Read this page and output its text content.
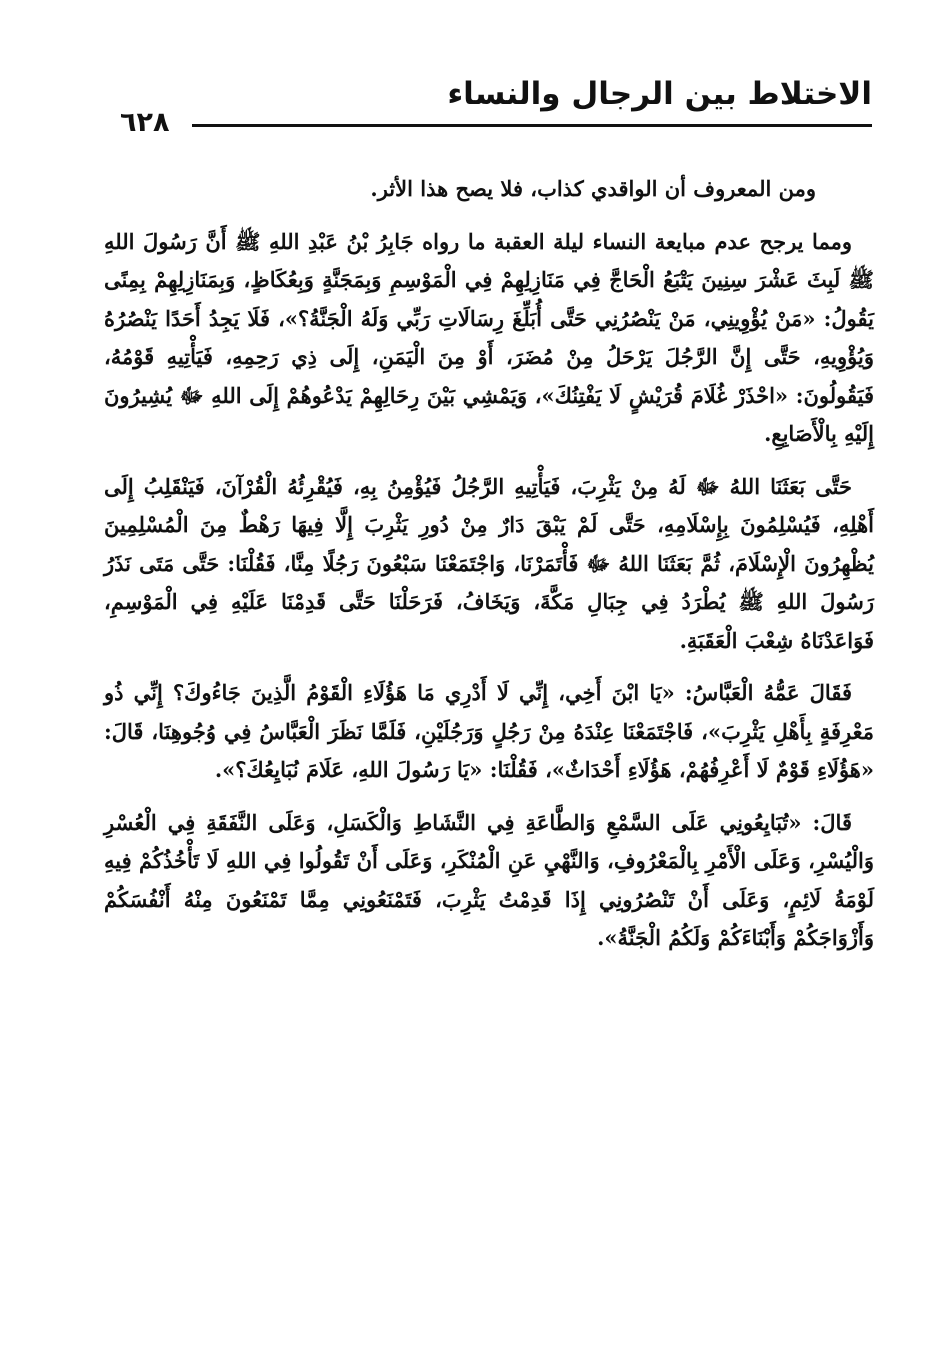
٦٢٨
الاختلاط بين الرجال والنساء

ومن المعروف أن الواقدي كذاب، فلا يصح هذا الأثر.

ومما يرجح عدم مبايعة النساء ليلة العقبة ما رواه جَابِرُ بْنُ عَبْدِ اللهِ ﷺ أَنَّ رَسُولَ اللهِ ﷺ لَبِثَ عَشْرَ سِنِينَ يَتْبَعُ الْحَاجَّ فِي مَنَازِلِهِمْ فِي الْمَوْسِمِ وَبِمَجَنَّةٍ وَبِعُكَاظٍ، وَبِمَنَازِلِهِمْ بِمِنًى يَقُولُ: «مَنْ يُؤْوِينِي، مَنْ يَنْصُرُنِي حَتَّى أُبَلِّغَ رِسَالَاتِ رَبِّي وَلَهُ الْجَنَّةُ؟»، فَلَا يَجِدُ أَحَدًا يَنْصُرُهُ وَيُؤْوِيهِ، حَتَّى إِنَّ الرَّجُلَ يَرْحَلُ مِنْ مُضَرَ، أَوْ مِنَ الْيَمَنِ، إِلَى ذِي رَحِمِهِ، فَيَأْتِيهِ قَوْمُهُ، فَيَقُولُونَ: «احْذَرْ غُلَامَ قُرَيْشٍ لَا يَفْتِنُكَ»، وَيَمْشِي بَيْنَ رِحَالِهِمْ يَدْعُوهُمْ إِلَى اللهِ ﷻ يُشِيرُونَ إِلَيْهِ بِالْأَصَابِعِ.

حَتَّى بَعَثَنَا اللهُ ﷻ لَهُ مِنْ يَثْرِبَ، فَيَأْتِيهِ الرَّجُلُ فَيُؤْمِنُ بِهِ، فَيُقْرِئُهُ الْقُرْآنَ، فَيَنْقَلِبُ إِلَى أَهْلِهِ، فَيُسْلِمُونَ بِإِسْلَامِهِ، حَتَّى لَمْ يَبْقَ دَارٌ مِنْ دُورِ يَثْرِبَ إِلَّا فِيهَا رَهْطٌ مِنَ الْمُسْلِمِينَ يُظْهِرُونَ الْإِسْلَامَ، ثُمَّ بَعَثَنَا اللهُ ﷻ فَأْتَمَرْنَا، وَاجْتَمَعْنَا سَبْعُونَ رَجُلًا مِنَّا، فَقُلْنَا: حَتَّى مَتَى نَذَرُ رَسُولَ اللهِ ﷺ يُطْرَدُ فِي جِبَالِ مَكَّةَ، وَيَخَافُ، فَرَحَلْنَا حَتَّى قَدِمْنَا عَلَيْهِ فِي الْمَوْسِمِ، فَوَاعَدْنَاهُ شِعْبَ الْعَقَبَةِ.

فَقَالَ عَمُّهُ الْعَبَّاسُ: «يَا ابْنَ أَخِي، إِنِّي لَا أَدْرِي مَا هَؤُلَاءِ الْقَوْمُ الَّذِينَ جَاءُوكَ؟ إِنِّي ذُو مَعْرِفَةٍ بِأَهْلِ يَثْرِبَ»، فَاجْتَمَعْنَا عِنْدَهُ مِنْ رَجُلٍ وَرَجُلَيْنِ، فَلَمَّا نَظَرَ الْعَبَّاسُ فِي وُجُوهِنَا، قَالَ: «هَؤُلَاءِ قَوْمٌ لَا أَعْرِفُهُمْ، هَؤُلَاءِ أَحْدَاثٌ»، فَقُلْنَا: «يَا رَسُولَ اللهِ، عَلَامَ نُبَايِعُكَ؟».

قَالَ: «تُبَايِعُونِي عَلَى السَّمْعِ وَالطَّاعَةِ فِي النَّشَاطِ وَالْكَسَلِ، وَعَلَى النَّفَقَةِ فِي الْعُسْرِ وَالْيُسْرِ، وَعَلَى الْأَمْرِ بِالْمَعْرُوفِ، وَالنَّهْيِ عَنِ الْمُنْكَرِ، وَعَلَى أَنْ تَقُولُوا فِي اللهِ لَا تَأْخُذُكُمْ فِيهِ لَوْمَةُ لَائِمٍ، وَعَلَى أَنْ تَنْصُرُونِي إِذَا قَدِمْتُ يَثْرِبَ، فَتَمْنَعُونِي مِمَّا تَمْنَعُونَ مِنْهُ أَنْفُسَكُمْ وَأَزْوَاجَكُمْ وَأَبْنَاءَكُمْ وَلَكُمُ الْجَنَّةُ».
